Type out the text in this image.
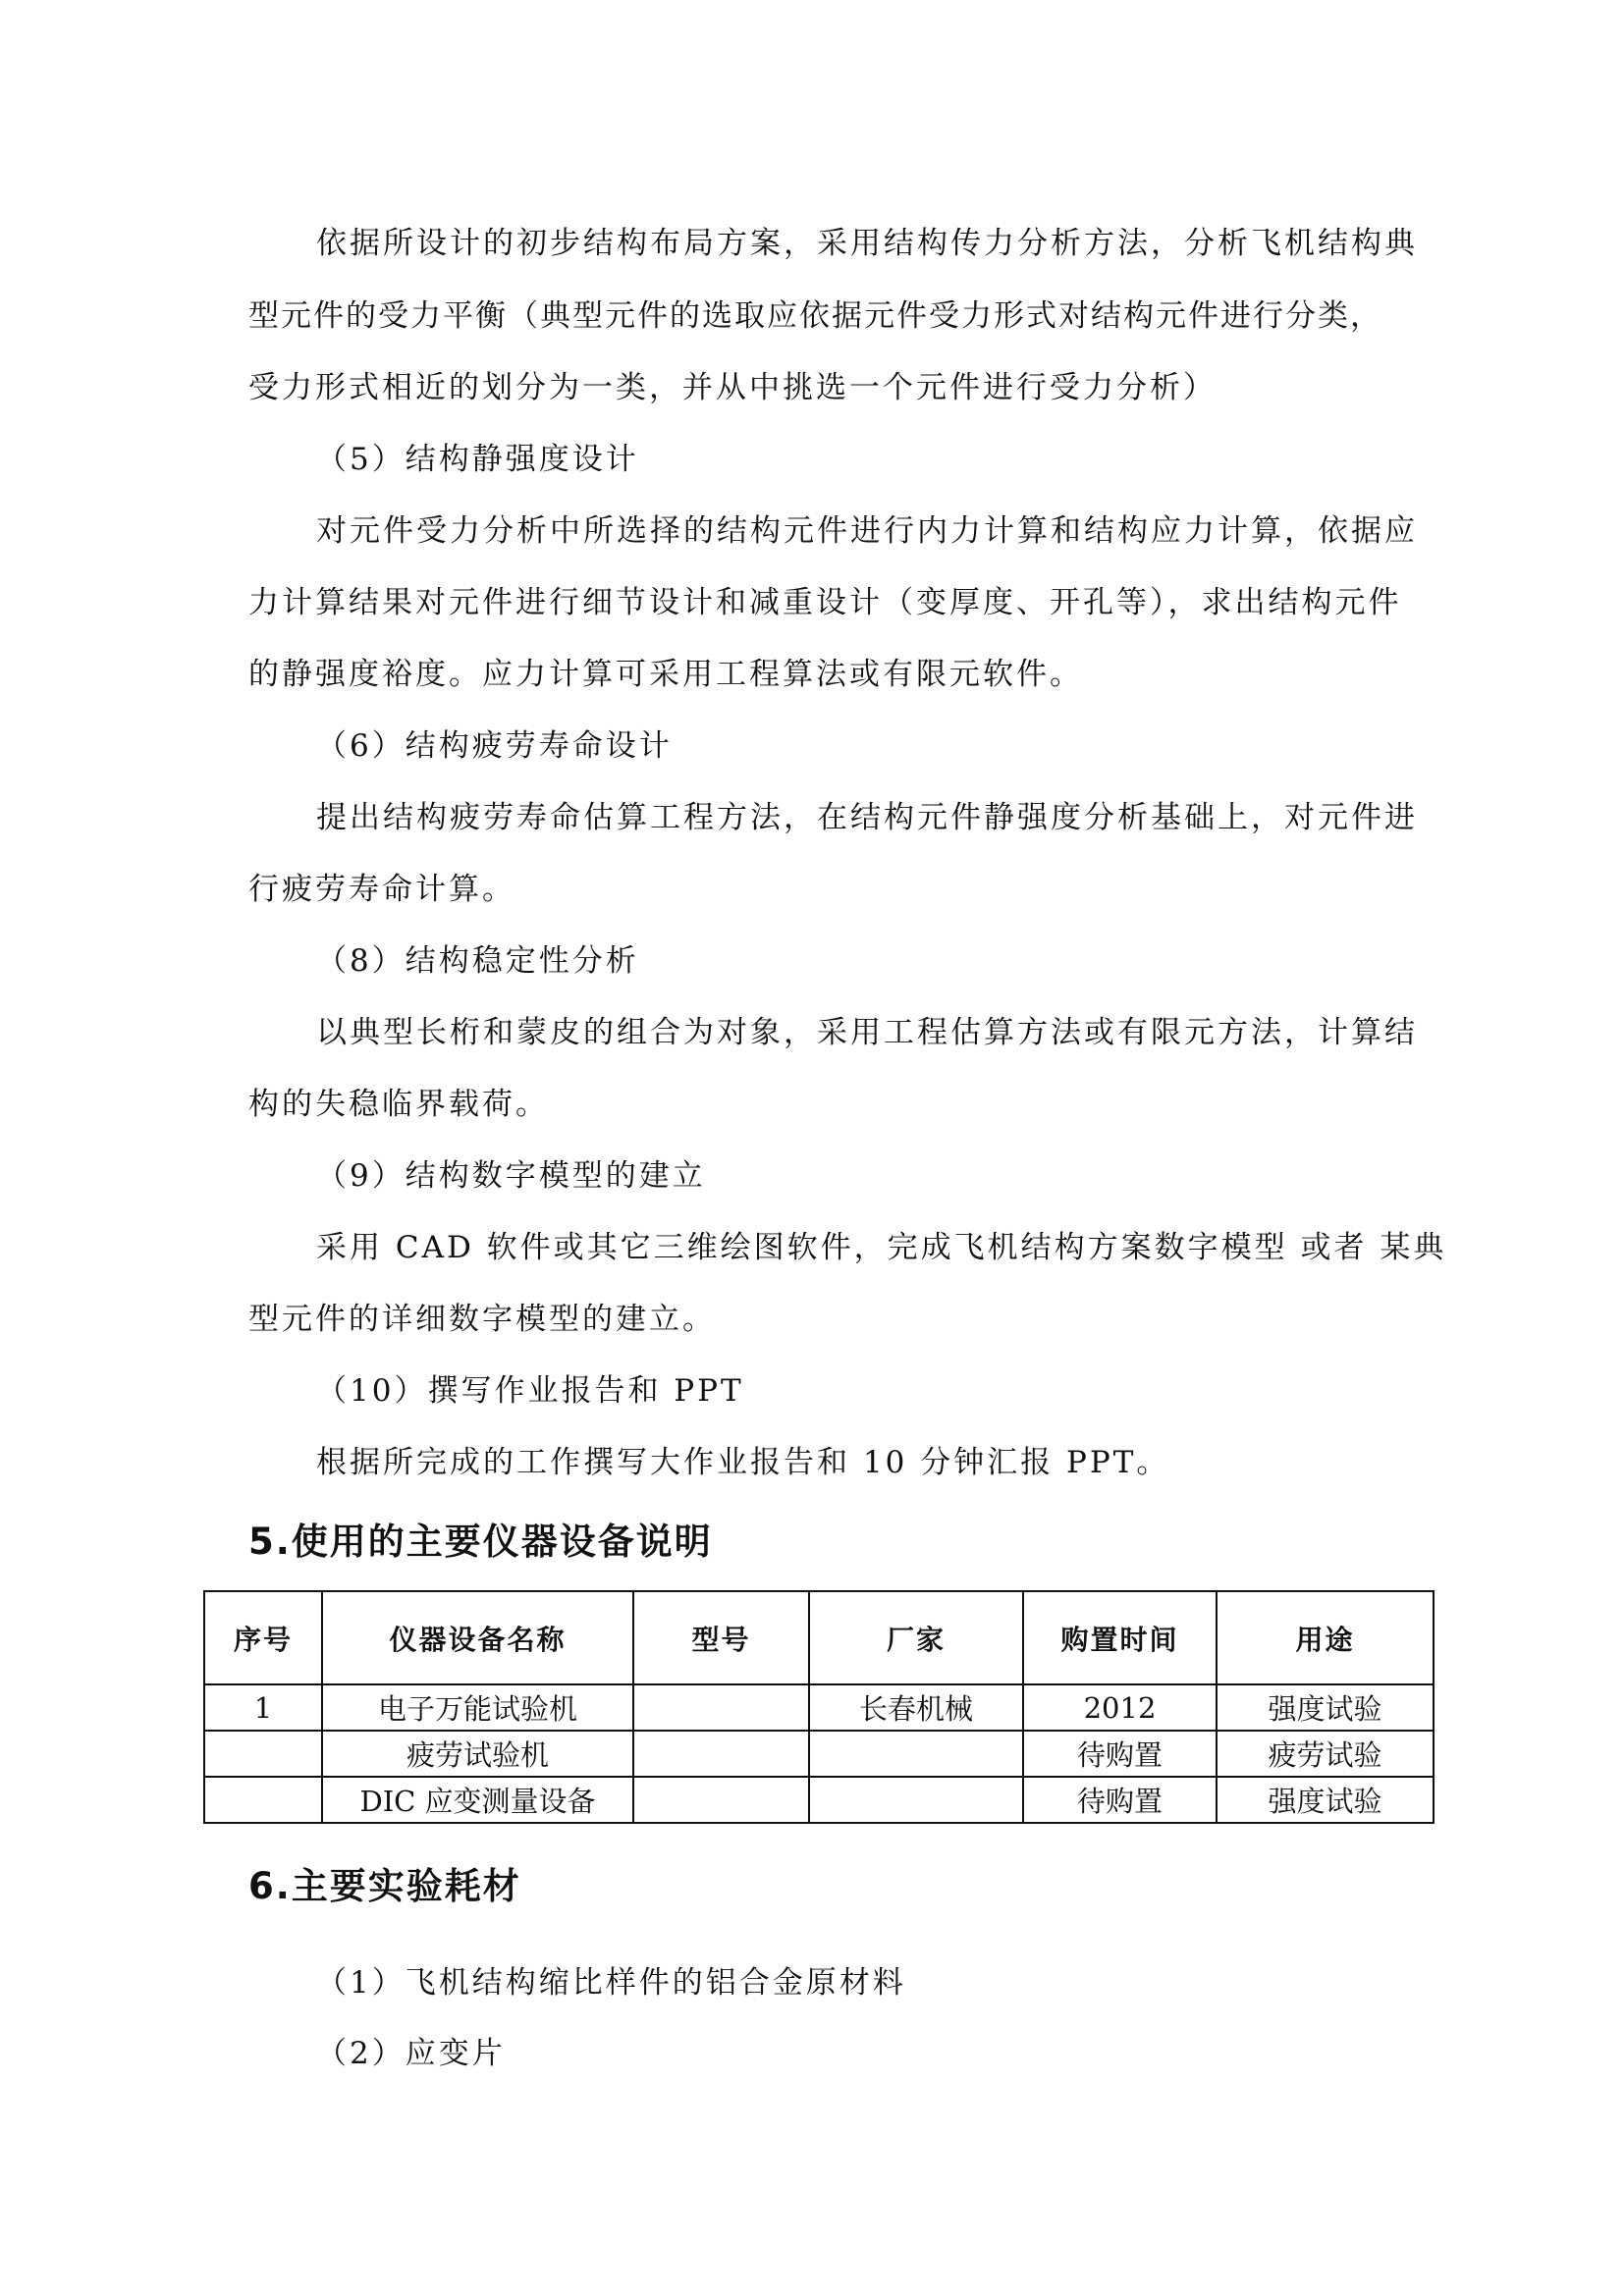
依据所设计的初步结构布局方案，采用结构传力分析方法，分析飞机结构典

型元件的受力平衡（典型元件的选取应依据元件受力形式对结构元件进行分类，

受力形式相近的划分为一类，并从中挑选一个元件进行受力分析）

（5）结构静强度设计

对元件受力分析中所选择的结构元件进行内力计算和结构应力计算，依据应

力计算结果对元件进行细节设计和减重设计（变厚度、开孔等），求出结构元件

的静强度裕度。应力计算可采用工程算法或有限元软件。

（6）结构疲劳寿命设计

提出结构疲劳寿命估算工程方法，在结构元件静强度分析基础上，对元件进

行疲劳寿命计算。

（8）结构稳定性分析

以典型长桁和蒙皮的组合为对象，采用工程估算方法或有限元方法，计算结

构的失稳临界载荷。

（9）结构数字模型的建立

采用 CAD 软件或其它三维绘图软件，完成飞机结构方案数字模型 或者 某典

型元件的详细数字模型的建立。

（10）撰写作业报告和 PPT

根据所完成的工作撰写大作业报告和 10 分钟汇报 PPT。

5.使用的主要仪器设备说明
序号	仪器设备名称	型号	厂家	购置时间	用途
1	电子万能试验机		长春机械	2012	强度试验
	疲劳试验机			待购置	疲劳试验
	DIC 应变测量设备			待购置	强度试验
6.主要实验耗材

（1）飞机结构缩比样件的铝合金原材料

（2）应变片
